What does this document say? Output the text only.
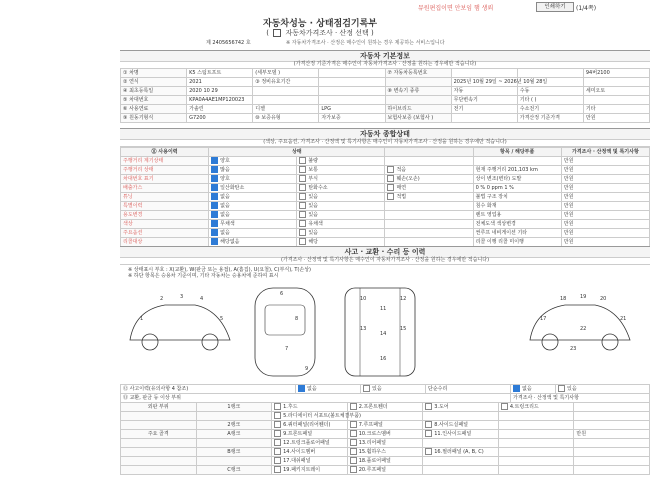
뮤원편집이면 안보임 햄 생뢰	인쇄하기	(1/4쪽)
자동차성능 · 상태점검기록부
(  자동차가격조사 · 산정 선택 )
제 2405656742 호	※ 자동차가격조사 · 산정은 매수인이 원하는 경우 제공하는 서비스입니다
자동차 기본정보
(가격산정 기준가격은 매수인이 자동차가격조사 · 산정을 원하는 경우에만 적습니다)
① 차명	K5 스팀트프트	(세부모델 )		⑦ 자동차등록번호			94버2100
② 연식	2021	③ 정비유효기간			2025년 10월 29일 ~ 2026년 10월 28일		
④ 최초등록일	2020 10 29			⑧ 변속기 종류	자동	수동	세미오토
⑤ 차대번호	KPA0A4AE1MP120023				무단변속기	기타 ( )	
⑥ 사용연료	가솔린	디젤	LPG	하이브리드	전기	수소전기	기타
⑨ 원동기형식	G7200	⑩ 보증유형	자가보증	보험사보증 (보험사 )		가격산정 기준가격	만원
자동차 종합상태
(색상, 주요옵션, 가격조사 · 산정액 및 특기사항은 매수인이 자동차가격조사 · 산정을 원하는 경우에만 적습니다)
⑪ 사용이력	상태			항목 / 해당부품	가격조사 · 산정액 및 특기사항
주행거리 계기상태	양호	불량			만원
주행거리 상태	많음	보통	적음	현재 주행거리 201,103 km	만원
차대번호 표기	양호	부식	훼손(오손)	상이 변조(변타) 도말	만원
배출가스	일산화탄소	탄화수소	매연	0 % 0 ppm 1 %	만원
튜닝	없음	있음	적법	불법 구조 장치	만원
특별이력	없음	있음		침수 화재	만원
용도변경	없음	있음		렌트 영업용	만원
색상	무채색	유채색		전체도색 색상변경	만원
주요옵션	없음	있음		썬루프 네비게이션 기타	만원
리콜대상	해당없음	해당		리콜 이행 리콜 미이행	만원
사고 · 교환 · 수리 등 이력
(가격조사 · 산정액 및 특기사항은 매수인이 자동차가격조사 · 산정을 원하는 경우에만 적습니다)
※ 상태표시 부호 : X(교환), W(판금 또는 용접), A(흠집), U(요철), C(부식), T(손상)
※ 하단 항목은 승용차 기준이며, 기타 자동차는 승용차에 준하여 표시
1
2	3	4
5
6
7
8
9
10
11
12
13
14
15
16
17
18	19	20
21
22
23
⑫ 사고이력(유의사항 4 참조)	없음	있음	단순수리	없음	있음
⑬ 교환, 판금 등 이상 부위				가격조사 · 산정액 및 특기사항	
외판 부위	1랭크	1.후드	2.프론트휀더	3.도어	4.트렁크리드	
		5.라디에이터 서포트(볼트체결부품)				
	2랭크	6.쿼터패널(리어휀더)	7.루프패널	8.사이드실패널		
주요 골격	A랭크	9.프론트패널	10.크로스멤버	11.인사이드패널		만원
		12.트렁크플로어패널	13.리어패널			
	B랭크	14.사이드멤버	15.휠하우스	16.필러패널 (A, B, C)		
		17.대쉬패널	18.플로어패널			
	C랭크	19.패키지트레이	20.루프패널			
